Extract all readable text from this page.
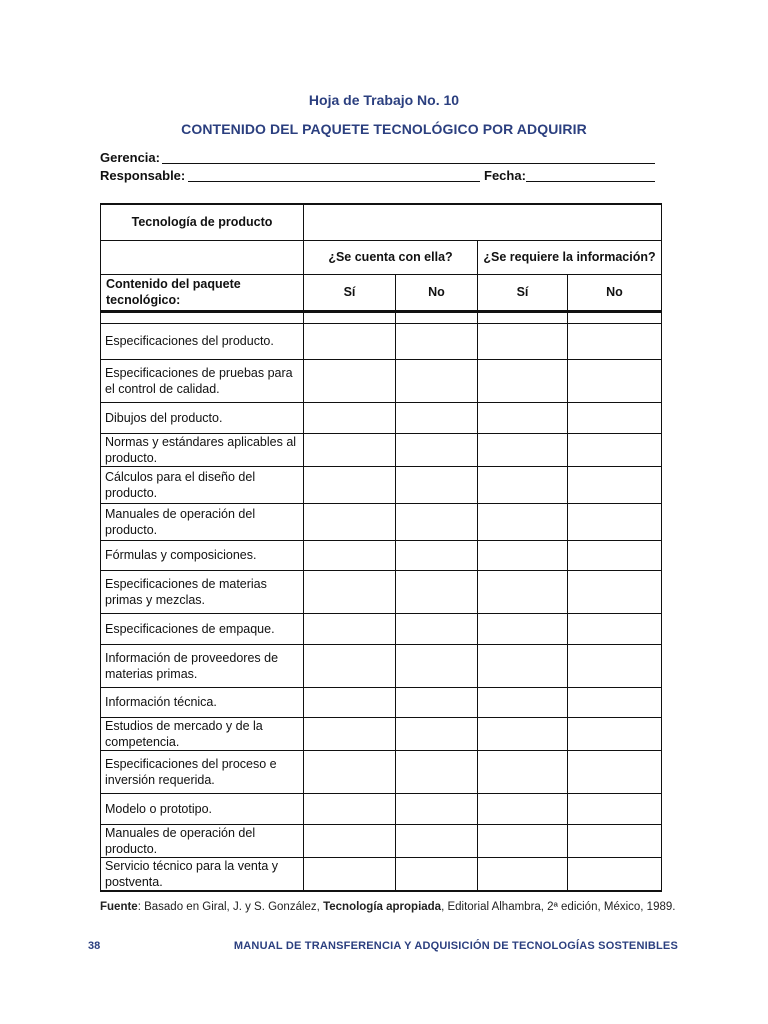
Hoja de Trabajo No. 10
CONTENIDO DEL PAQUETE TECNOLÓGICO POR ADQUIRIR
Gerencia:
Responsable:	Fecha:
Tecnología de producto				
	¿Se cuenta con ella?		¿Se requiere la información?	
Contenido del paquete tecnológico:	Sí	No	Sí	No

Especificaciones del producto.				
Especificaciones de pruebas para el control de calidad.				
Dibujos del producto.				
Normas y estándares aplicables al producto.				
Cálculos para el diseño del producto.				
Manuales de operación del producto.				
Fórmulas y composiciones.				
Especificaciones de materias primas y mezclas.				
Especificaciones de empaque.				
Información de proveedores de materias primas.				
Información técnica.				
Estudios de mercado y de la competencia.				
Especificaciones del proceso e inversión requerida.				
Modelo o prototipo.				
Manuales de operación del producto.				
Servicio técnico para la venta y postventa.				
Fuente: Basado en Giral, J. y S. González, Tecnología apropiada, Editorial Alhambra, 2ª edición, México, 1989.
38	MANUAL DE TRANSFERENCIA Y ADQUISICIÓN DE TECNOLOGÍAS SOSTENIBLES
